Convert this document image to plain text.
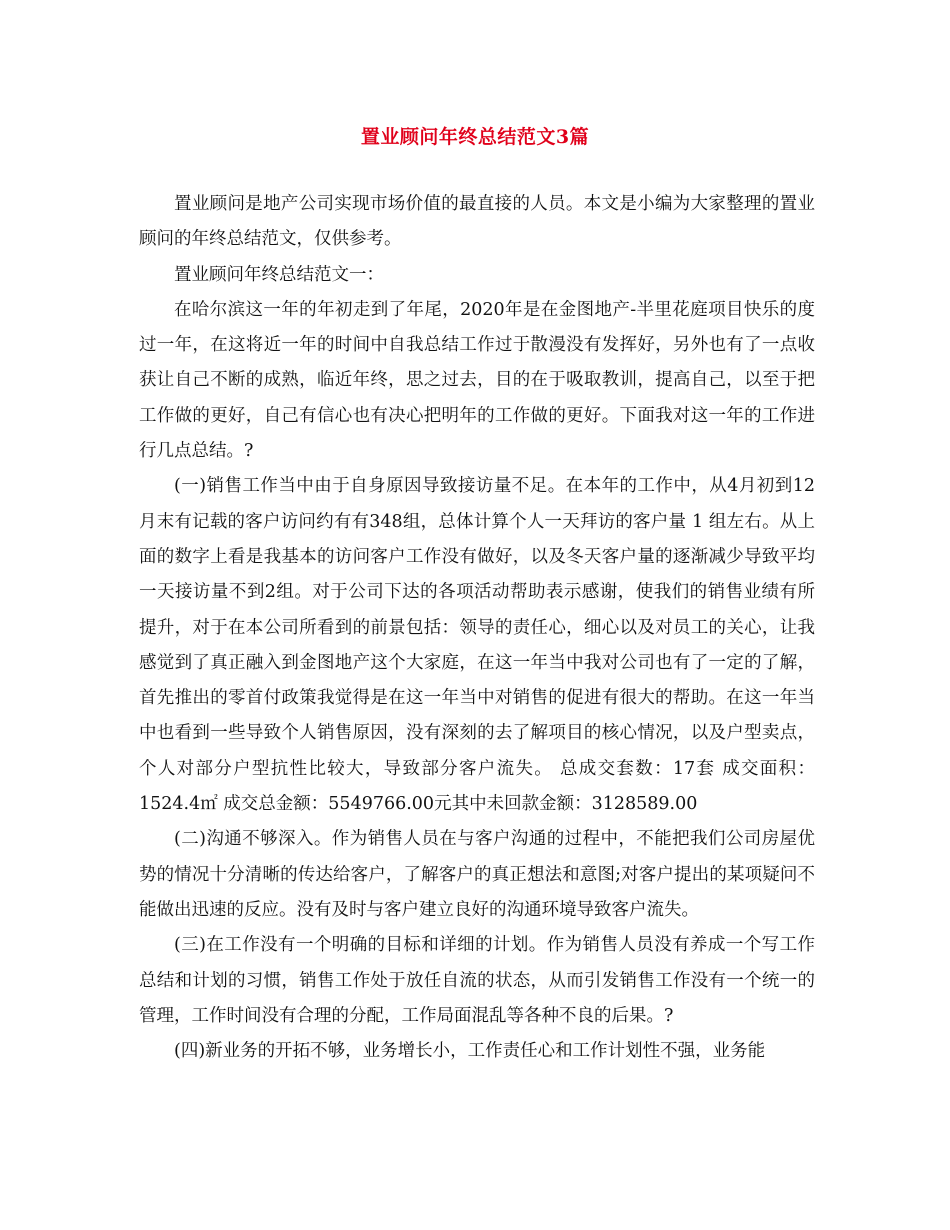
置业顾问年终总结范文3篇

置业顾问是地产公司实现市场价值的最直接的人员。本文是小编为大家整理的置业顾问的年终总结范文，仅供参考。

置业顾问年终总结范文一：

在哈尔滨这一年的年初走到了年尾，2020年是在金图地产-半里花庭项目快乐的度过一年，在这将近一年的时间中自我总结工作过于散漫没有发挥好，另外也有了一点收获让自己不断的成熟，临近年终，思之过去，目的在于吸取教训，提高自己，以至于把工作做的更好，自己有信心也有决心把明年的工作做的更好。下面我对这一年的工作进行几点总结。?

(一)销售工作当中由于自身原因导致接访量不足。在本年的工作中，从4月初到12月末有记载的客户访问约有有348组，总体计算个人一天拜访的客户量 1 组左右。从上面的数字上看是我基本的访问客户工作没有做好，以及冬天客户量的逐渐减少导致平均一天接访量不到2组。对于公司下达的各项活动帮助表示感谢，使我们的销售业绩有所提升，对于在本公司所看到的前景包括：领导的责任心，细心以及对员工的关心，让我感觉到了真正融入到金图地产这个大家庭，在这一年当中我对公司也有了一定的了解，首先推出的零首付政策我觉得是在这一年当中对销售的促进有很大的帮助。在这一年当中也看到一些导致个人销售原因，没有深刻的去了解项目的核心情况，以及户型卖点，个人对部分户型抗性比较大，导致部分客户流失。 总成交套数：17套 成交面积：1524.4㎡ 成交总金额：5549766.00元其中未回款金额：3128589.00

(二)沟通不够深入。作为销售人员在与客户沟通的过程中，不能把我们公司房屋优势的情况十分清晰的传达给客户，了解客户的真正想法和意图;对客户提出的某项疑问不能做出迅速的反应。没有及时与客户建立良好的沟通环境导致客户流失。

(三)在工作没有一个明确的目标和详细的计划。作为销售人员没有养成一个写工作总结和计划的习惯，销售工作处于放任自流的状态，从而引发销售工作没有一个统一的管理，工作时间没有合理的分配，工作局面混乱等各种不良的后果。?

(四)新业务的开拓不够，业务增长小，工作责任心和工作计划性不强，业务能
